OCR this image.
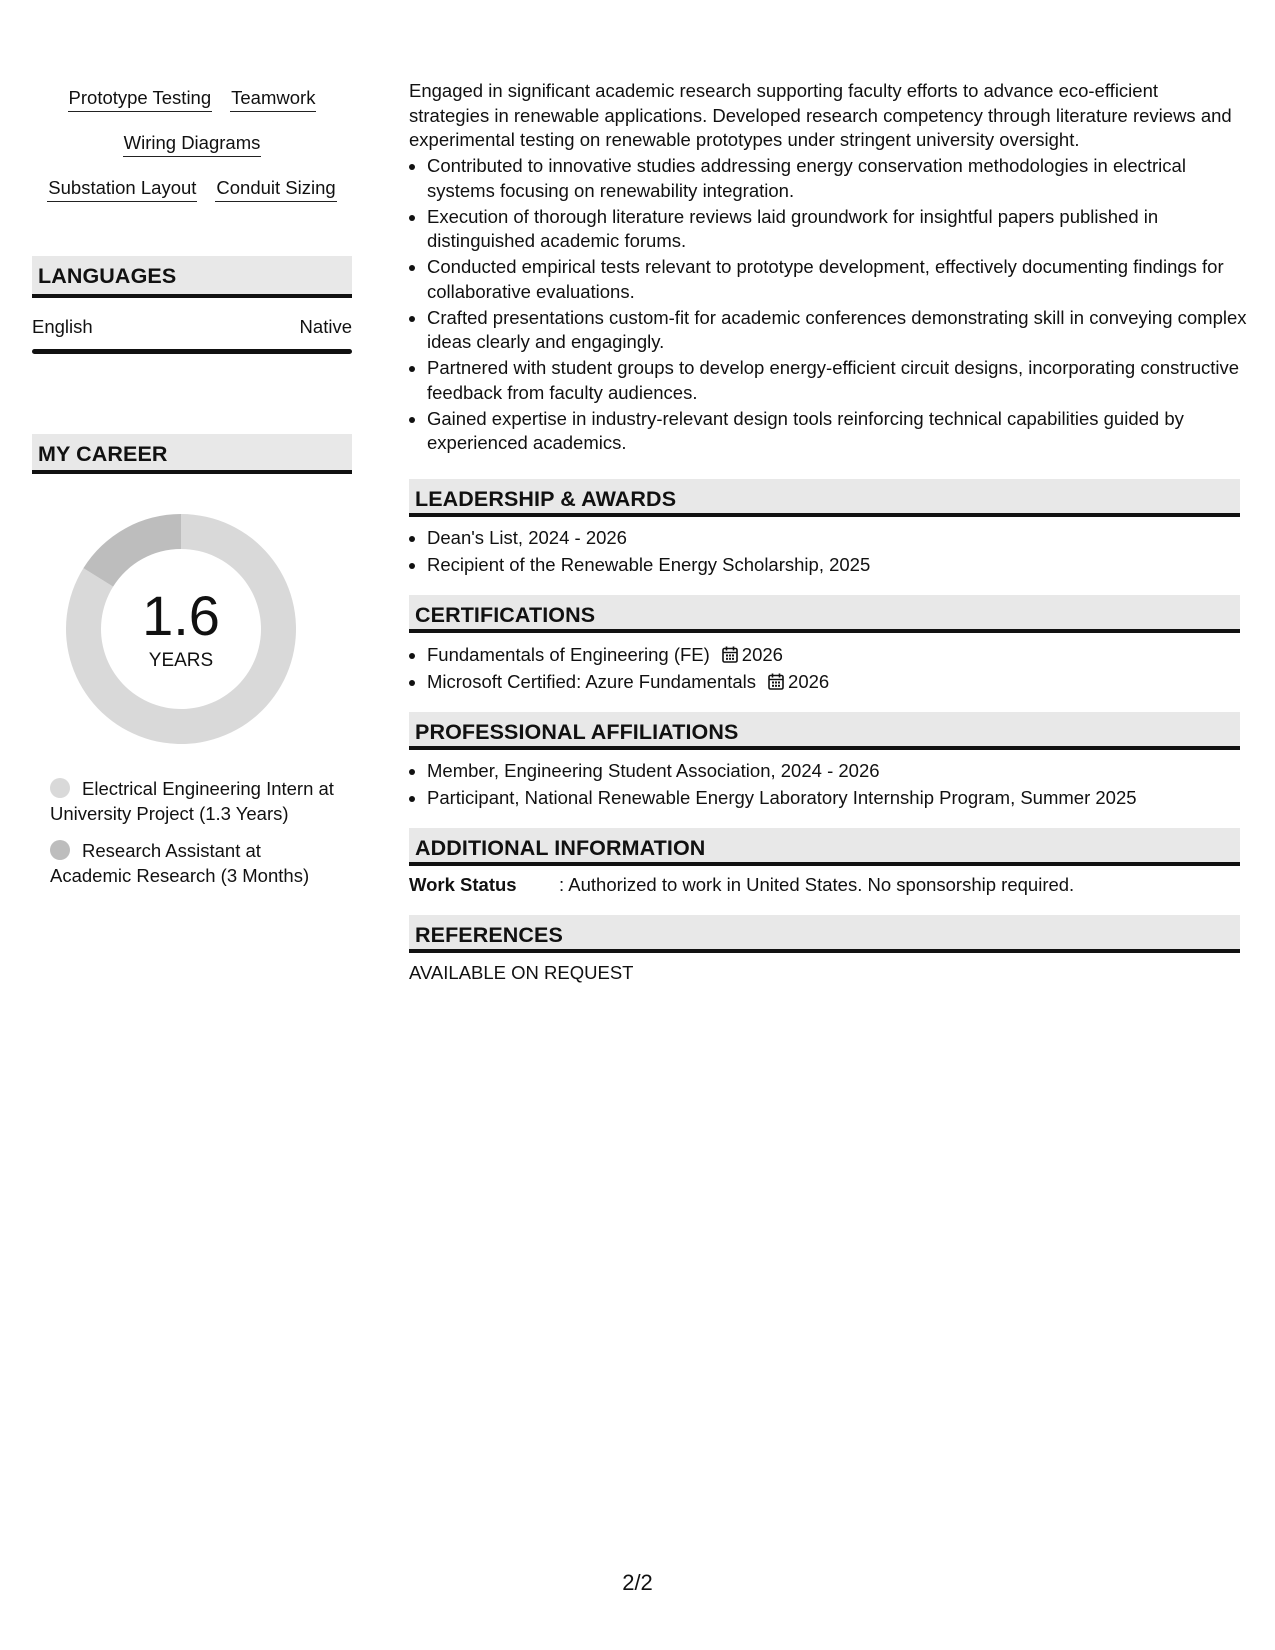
Prototype Testing Teamwork
Wiring Diagrams
Substation Layout Conduit Sizing
LANGUAGES
English	Native
MY CAREER
1.6
YEARS
Electrical Engineering Intern at University Project (1.3 Years)
Research Assistant at Academic Research (3 Months)
Engaged in significant academic research supporting faculty efforts to advance eco-efficient strategies in renewable applications. Developed research competency through literature reviews and experimental testing on renewable prototypes under stringent university oversight.
• Contributed to innovative studies addressing energy conservation methodologies in electrical systems focusing on renewability integration.
• Execution of thorough literature reviews laid groundwork for insightful papers published in distinguished academic forums.
• Conducted empirical tests relevant to prototype development, effectively documenting findings for collaborative evaluations.
• Crafted presentations custom-fit for academic conferences demonstrating skill in conveying complex ideas clearly and engagingly.
• Partnered with student groups to develop energy-efficient circuit designs, incorporating constructive feedback from faculty audiences.
• Gained expertise in industry-relevant design tools reinforcing technical capabilities guided by experienced academics.
LEADERSHIP & AWARDS
• Dean's List, 2024 - 2026
• Recipient of the Renewable Energy Scholarship, 2025
CERTIFICATIONS
• Fundamentals of Engineering (FE) 2026
• Microsoft Certified: Azure Fundamentals 2026
PROFESSIONAL AFFILIATIONS
• Member, Engineering Student Association, 2024 - 2026
• Participant, National Renewable Energy Laboratory Internship Program, Summer 2025
ADDITIONAL INFORMATION
Work Status : Authorized to work in United States. No sponsorship required.
REFERENCES
AVAILABLE ON REQUEST
2/2
